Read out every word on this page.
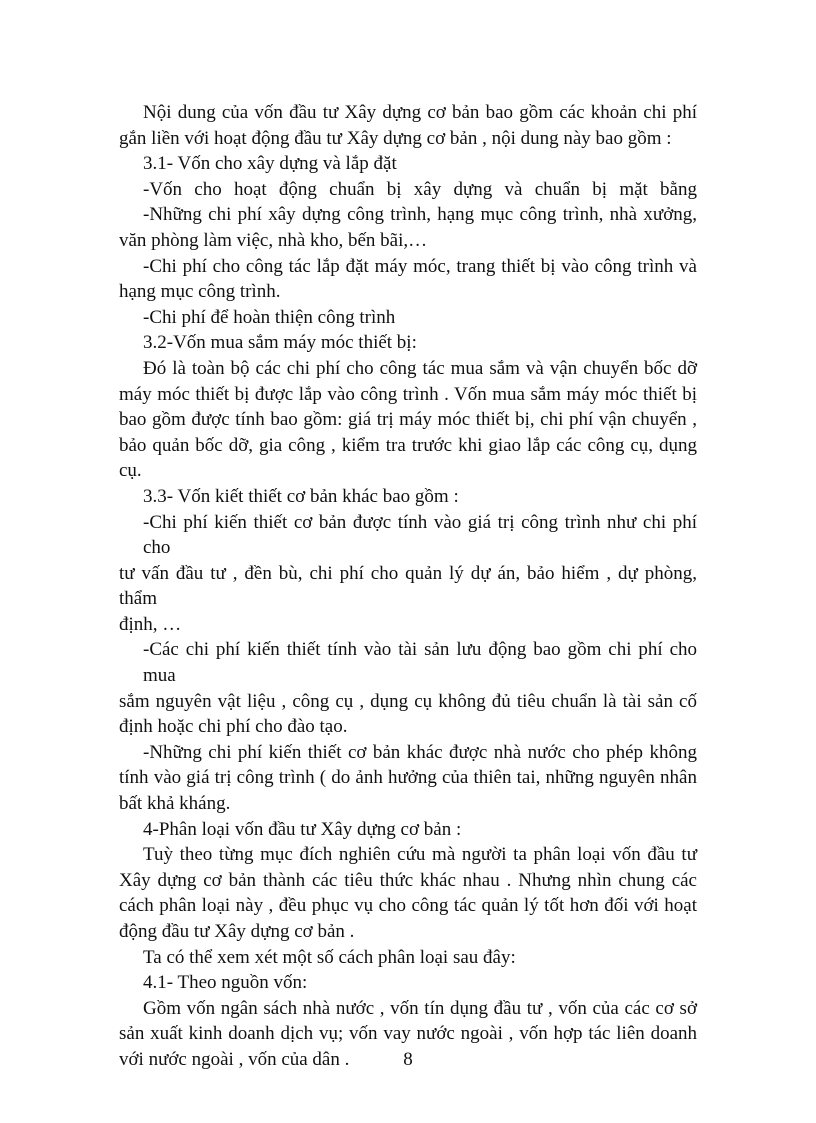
Nội dung của vốn đầu tư Xây dựng cơ bản bao gồm các khoản chi phí
gắn liền với hoạt động đầu tư Xây dựng cơ bản , nội dung này bao gồm :
3.1- Vốn cho xây dựng và lắp đặt
-Vốn cho hoạt động chuẩn bị xây dựng và chuẩn bị mặt bằng
-Những chi phí xây dựng công trình, hạng mục công trình, nhà xưởng,
văn phòng làm việc, nhà kho, bến bãi,…
-Chi phí cho công tác lắp đặt máy móc, trang thiết bị vào công trình và
hạng mục công trình.
-Chi phí để hoàn thiện công trình
3.2-Vốn mua sắm máy móc thiết bị:
Đó là toàn bộ các chi phí cho công tác mua sắm và vận chuyển bốc dỡ
máy móc thiết bị được lắp vào công trình . Vốn mua sắm máy móc thiết bị
bao gồm được tính bao gồm: giá trị máy móc thiết bị, chi phí vận chuyển ,
bảo quản bốc dỡ, gia công , kiểm tra trước khi giao lắp các công cụ, dụng cụ.
3.3- Vốn kiết thiết cơ bản khác bao gồm :
-Chi phí kiến thiết cơ bản được tính vào giá trị công trình như chi phí cho
tư vấn đầu tư , đền bù, chi phí cho quản lý dự án, bảo hiểm , dự phòng, thẩm
định, …
-Các chi phí kiến thiết tính vào tài sản lưu động bao gồm chi phí cho mua
sắm nguyên vật liệu , công cụ , dụng cụ không đủ tiêu chuẩn là tài sản cố
định hoặc chi phí cho đào tạo.
-Những chi phí kiến thiết cơ bản khác được nhà nước cho phép không
tính vào giá trị công trình ( do ảnh hưởng của thiên tai, những nguyên nhân
bất khả kháng.
4-Phân loại vốn đầu tư Xây dựng cơ bản :
Tuỳ theo từng mục đích nghiên cứu mà người ta phân loại vốn đầu tư
Xây dựng cơ bản thành các tiêu thức khác nhau . Nhưng nhìn chung các
cách phân loại này , đều phục vụ cho công tác quản lý tốt hơn đối với hoạt
động đầu tư Xây dựng cơ bản .
Ta có thể xem xét một số cách phân loại sau đây:
4.1- Theo nguồn vốn:
Gồm vốn ngân sách nhà nước , vốn tín dụng đầu tư , vốn của các cơ sở
sản xuất kinh doanh dịch vụ; vốn vay nước ngoài , vốn hợp tác liên doanh
với nước ngoài , vốn của dân .	8
